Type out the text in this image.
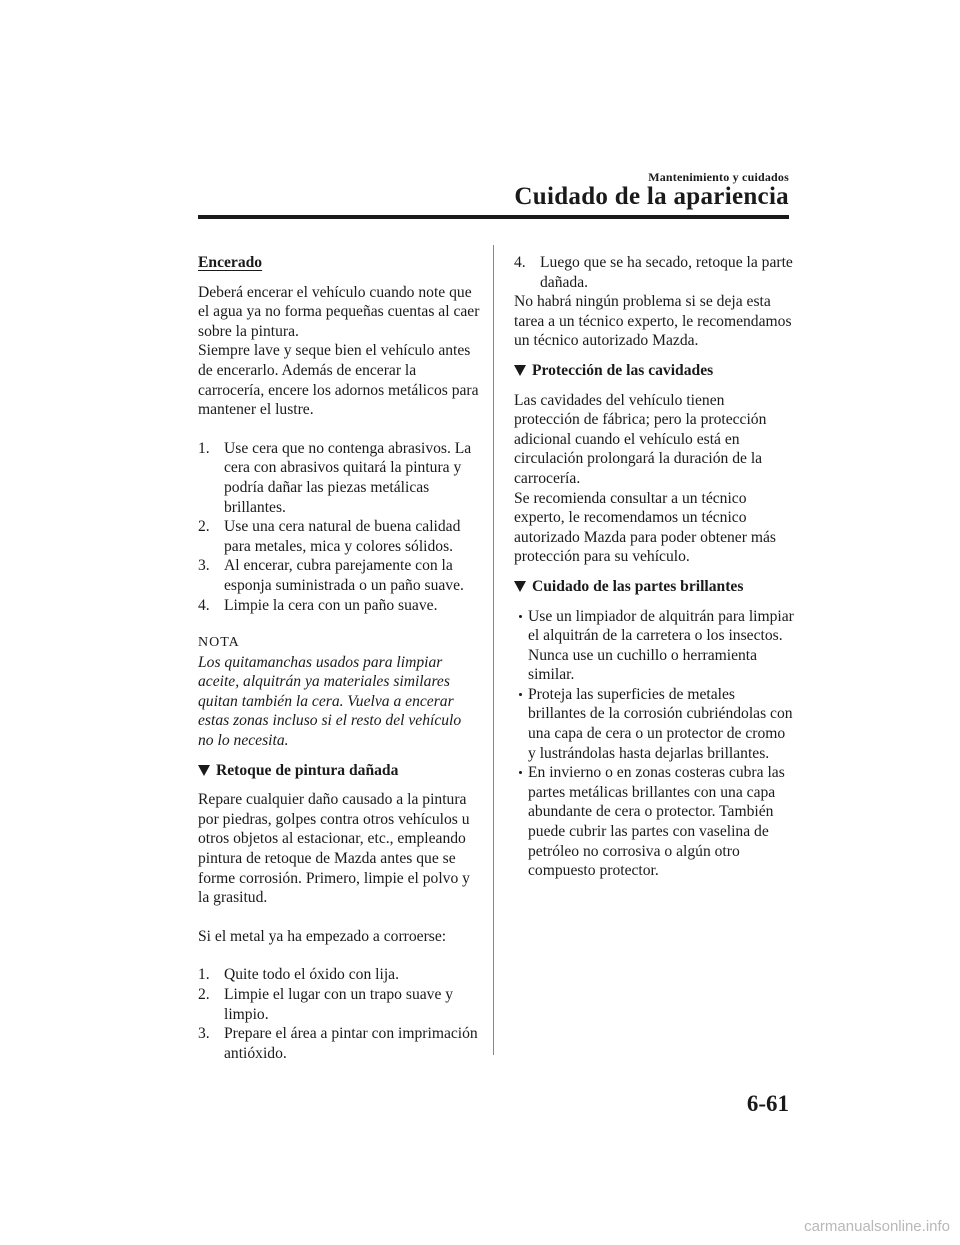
Mantenimiento y cuidados
Cuidado de la apariencia

Encerado

Deberá encerar el vehículo cuando note que el agua ya no forma pequeñas cuentas al caer sobre la pintura.

Siempre lave y seque bien el vehículo antes de encerarlo. Además de encerar la carrocería, encere los adornos metálicos para mantener el lustre.

1. Use cera que no contenga abrasivos. La cera con abrasivos quitará la pintura y podría dañar las piezas metálicas brillantes.
2. Use una cera natural de buena calidad para metales, mica y colores sólidos.
3. Al encerar, cubra parejamente con la esponja suministrada o un paño suave.
4. Limpie la cera con un paño suave.

NOTA

Los quitamanchas usados para limpiar aceite, alquitrán ya materiales similares quitan también la cera. Vuelva a encerar estas zonas incluso si el resto del vehículo no lo necesita.

Retoque de pintura dañada

Repare cualquier daño causado a la pintura por piedras, golpes contra otros vehículos u otros objetos al estacionar, etc., empleando pintura de retoque de Mazda antes que se forme corrosión. Primero, limpie el polvo y la grasitud.

Si el metal ya ha empezado a corroerse:

1. Quite todo el óxido con lija.
2. Limpie el lugar con un trapo suave y limpio.
3. Prepare el área a pintar con imprimación antióxido.
4. Luego que se ha secado, retoque la parte dañada.

No habrá ningún problema si se deja esta tarea a un técnico experto, le recomendamos un técnico autorizado Mazda.

Protección de las cavidades

Las cavidades del vehículo tienen protección de fábrica; pero la protección adicional cuando el vehículo está en circulación prolongará la duración de la carrocería.

Se recomienda consultar a un técnico experto, le recomendamos un técnico autorizado Mazda para poder obtener más protección para su vehículo.

Cuidado de las partes brillantes

Use un limpiador de alquitrán para limpiar el alquitrán de la carretera o los insectos. Nunca use un cuchillo o herramienta similar.
Proteja las superficies de metales brillantes de la corrosión cubriéndolas con una capa de cera o un protector de cromo y lustrándolas hasta dejarlas brillantes.
En invierno o en zonas costeras cubra las partes metálicas brillantes con una capa abundante de cera o protector. También puede cubrir las partes con vaselina de petróleo no corrosiva o algún otro compuesto protector.
6-61
carmanualsonline.info
